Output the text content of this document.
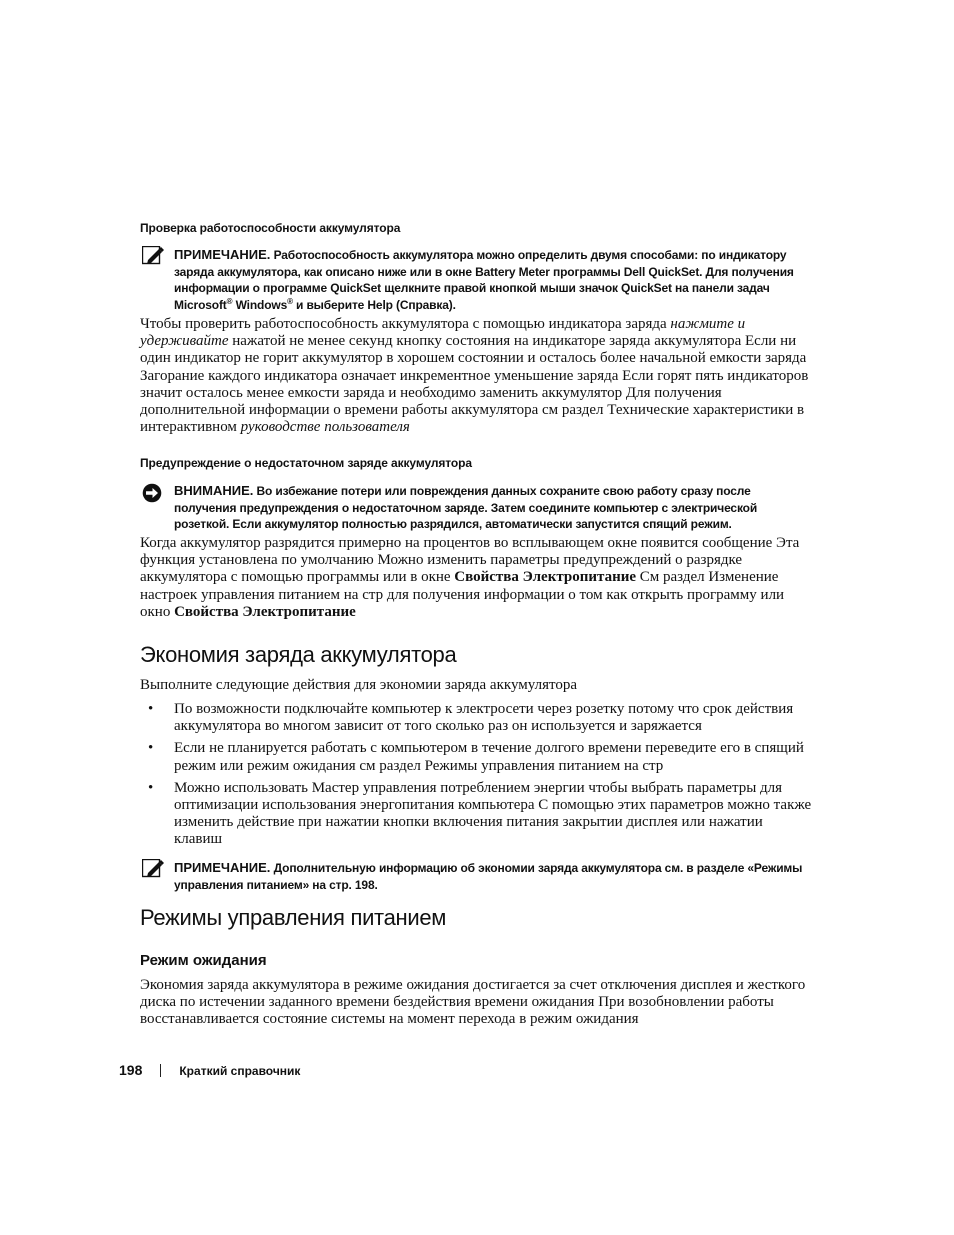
Проверка работоспособности аккумулятора
ПРИМЕЧАНИЕ. Работоспособность аккумулятора можно определить двумя способами: по индикатору заряда аккумулятора, как описано ниже или в окне Battery Meter программы Dell QuickSet. Для получения информации о программе QuickSet щелкните правой кнопкой мыши значок QuickSet на панели задач Microsoft® Windows® и выберите Help (Справка).
Чтобы проверить работоспособность аккумулятора с помощью индикатора заряда нажмите и удерживайте нажатой не менее секунд кнопку состояния на индикаторе заряда аккумулятора Если ни один индикатор не горит аккумулятор в хорошем состоянии и осталось более начальной емкости заряда Загорание каждого индикатора означает инкрементное уменьшение заряда Если горят пять индикаторов значит осталось менее емкости заряда и необходимо заменить аккумулятор Для получения дополнительной информации о времени работы аккумулятора см раздел Технические характеристики в интерактивном руководстве пользователя
Предупреждение о недостаточном заряде аккумулятора
ВНИМАНИЕ. Во избежание потери или повреждения данных сохраните свою работу сразу после получения предупреждения о недостаточном заряде. Затем соедините компьютер с электрической розеткой. Если аккумулятор полностью разрядился, автоматически запустится спящий режим.
Когда аккумулятор разрядится примерно на процентов во всплывающем окне появится сообщение Эта функция установлена по умолчанию Можно изменить параметры предупреждений о разрядке аккумулятора с помощью программы или в окне Свойства Электропитание См раздел Изменение настроек управления питанием на стр для получения информации о том как открыть программу или окно Свойства Электропитание
Экономия заряда аккумулятора
Выполните следующие действия для экономии заряда аккумулятора
• По возможности подключайте компьютер к электросети через розетку потому что срок действия аккумулятора во многом зависит от того сколько раз он используется и заряжается
• Если не планируется работать с компьютером в течение долгого времени переведите его в спящий режим или режим ожидания см раздел Режимы управления питанием на стр
• Можно использовать Мастер управления потреблением энергии чтобы выбрать параметры для оптимизации использования энергопитания компьютера С помощью этих параметров можно также изменить действие при нажатии кнопки включения питания закрытии дисплея или нажатии клавиш
ПРИМЕЧАНИЕ. Дополнительную информацию об экономии заряда аккумулятора см. в разделе «Режимы управления питанием» на стр. 198.
Режимы управления питанием
Режим ожидания
Экономия заряда аккумулятора в режиме ожидания достигается за счет отключения дисплея и жесткого диска по истечении заданного времени бездействия времени ожидания При возобновлении работы восстанавливается состояние системы на момент перехода в режим ожидания
198	Краткий справочник
